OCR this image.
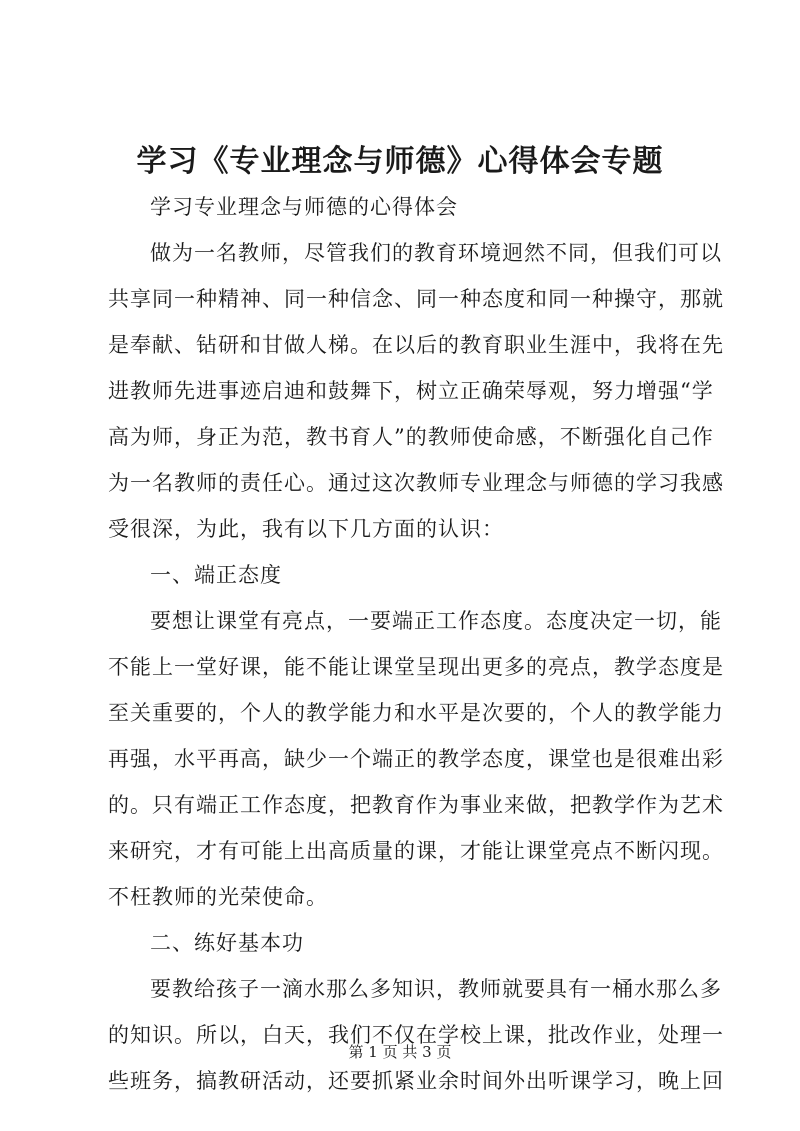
学习《专业理念与师德》心得体会专题
学习专业理念与师德的心得体会
做为一名教师，尽管我们的教育环境迥然不同，但我们可以
共享同一种精神、同一种信念、同一种态度和同一种操守，那就
是奉献、钻研和甘做人梯。在以后的教育职业生涯中，我将在先
进教师先进事迹启迪和鼓舞下，树立正确荣辱观，努力增强“学
高为师，身正为范，教书育人”的教师使命感，不断强化自己作
为一名教师的责任心。通过这次教师专业理念与师德的学习我感
受很深，为此，我有以下几方面的认识：
一、端正态度
要想让课堂有亮点，一要端正工作态度。态度决定一切，能
不能上一堂好课，能不能让课堂呈现出更多的亮点，教学态度是
至关重要的，个人的教学能力和水平是次要的，个人的教学能力
再强，水平再高，缺少一个端正的教学态度，课堂也是很难出彩
的。只有端正工作态度，把教育作为事业来做，把教学作为艺术
来研究，才有可能上出高质量的课，才能让课堂亮点不断闪现。
不枉教师的光荣使命。
二、练好基本功
要教给孩子一滴水那么多知识，教师就要具有一桶水那么多
的知识。所以，白天，我们不仅在学校上课，批改作业，处理一
些班务，搞教研活动，还要抓紧业余时间外出听课学习，晚上回
第 1 页 共 3 页
